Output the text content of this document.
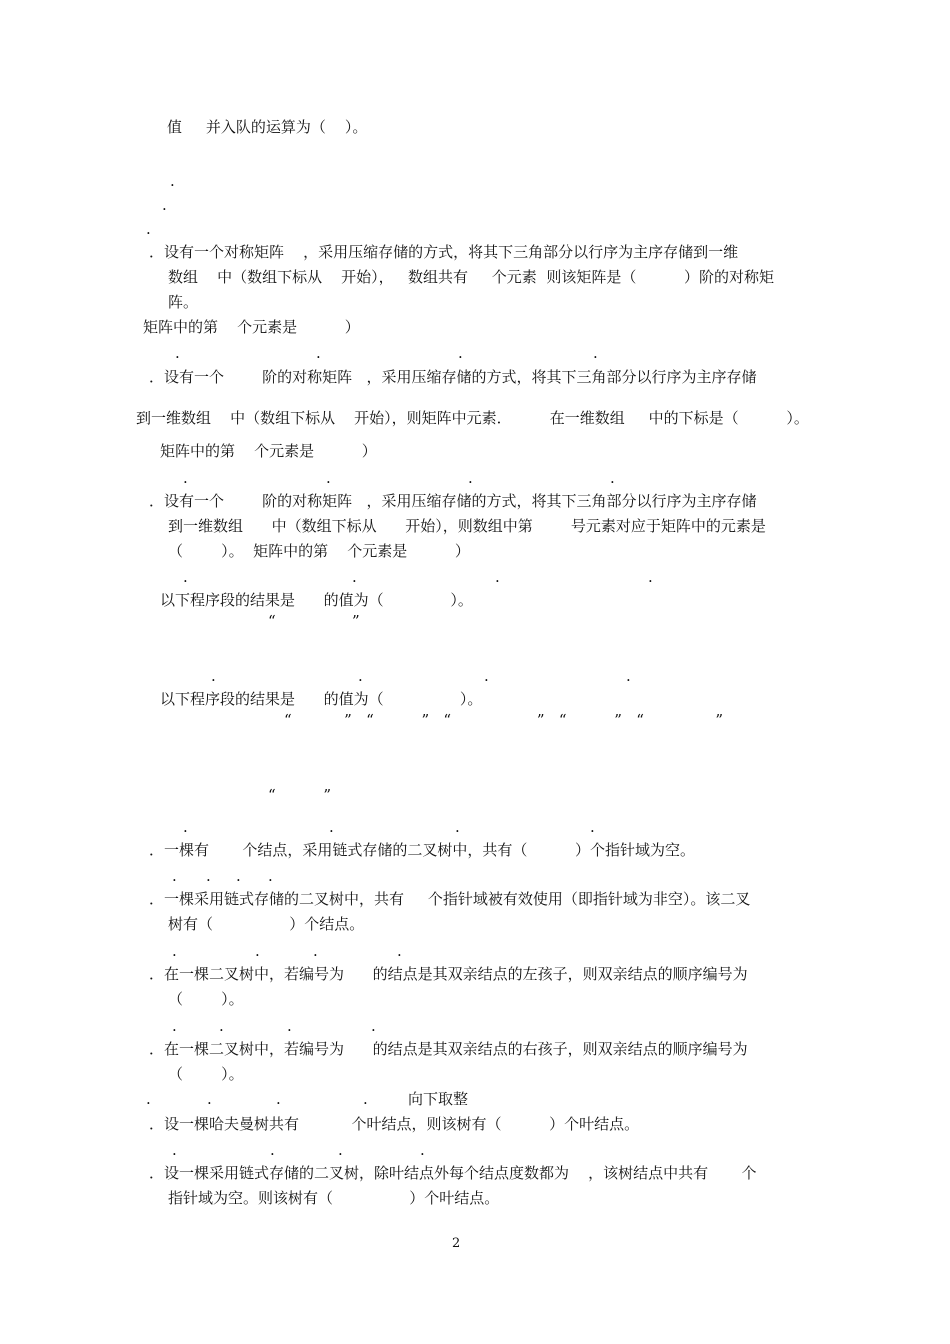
值     并入队的运算为（    ）。
．设有一个对称矩阵    ，采用压缩存储的方式，将其下三角部分以行序为主序存储到一维
数组    中（数组下标从    开始），   数组共有     个元素  则该矩阵是（          ）阶的对称矩
阵。
矩阵中的第    个元素是          ）
．设有一个        阶的对称矩阵   ，采用压缩存储的方式，将其下三角部分以行序为主序存储
到一维数组    中（数组下标从    开始），则矩阵中元素．        在一维数组     中的下标是（          ）。
矩阵中的第    个元素是          ）
．设有一个        阶的对称矩阵   ，采用压缩存储的方式，将其下三角部分以行序为主序存储
到一维数组      中（数组下标从      开始），则数组中第        号元素对应于矩阵中的元素是
（        ）。  矩阵中的第    个元素是          ）
以下程序段的结果是      的值为（              ）。
“                ”
以下程序段的结果是      的值为（                ）。
“           ”   “          ”   “                  ”   “          ”   “               ”
“          ”
．一棵有       个结点，采用链式存储的二叉树中，共有（          ）个指针域为空。
．一棵采用链式存储的二叉树中，共有     个指针域被有效使用（即指针域为非空）。该二叉
树有（                ）个结点。
．在一棵二叉树中，若编号为      的结点是其双亲结点的左孩子，则双亲结点的顺序编号为
（        ）。
．在一棵二叉树中，若编号为      的结点是其双亲结点的右孩子，则双亲结点的顺序编号为
（        ）。
向下取整
．设一棵哈夫曼树共有           个叶结点，则该树有（          ）个叶结点。
．设一棵采用链式存储的二叉树，除叶结点外每个结点度数都为    ，该树结点中共有       个
指针域为空。则该树有（                ）个叶结点。
.
.
.
.	.	.	.
.	.	.	.
.	.	.	.
.	.	.	.
.	.	.	.
. . . .
.	.	.	.
.	.	.	.
.	.	.	.
.	.	.	.
2
